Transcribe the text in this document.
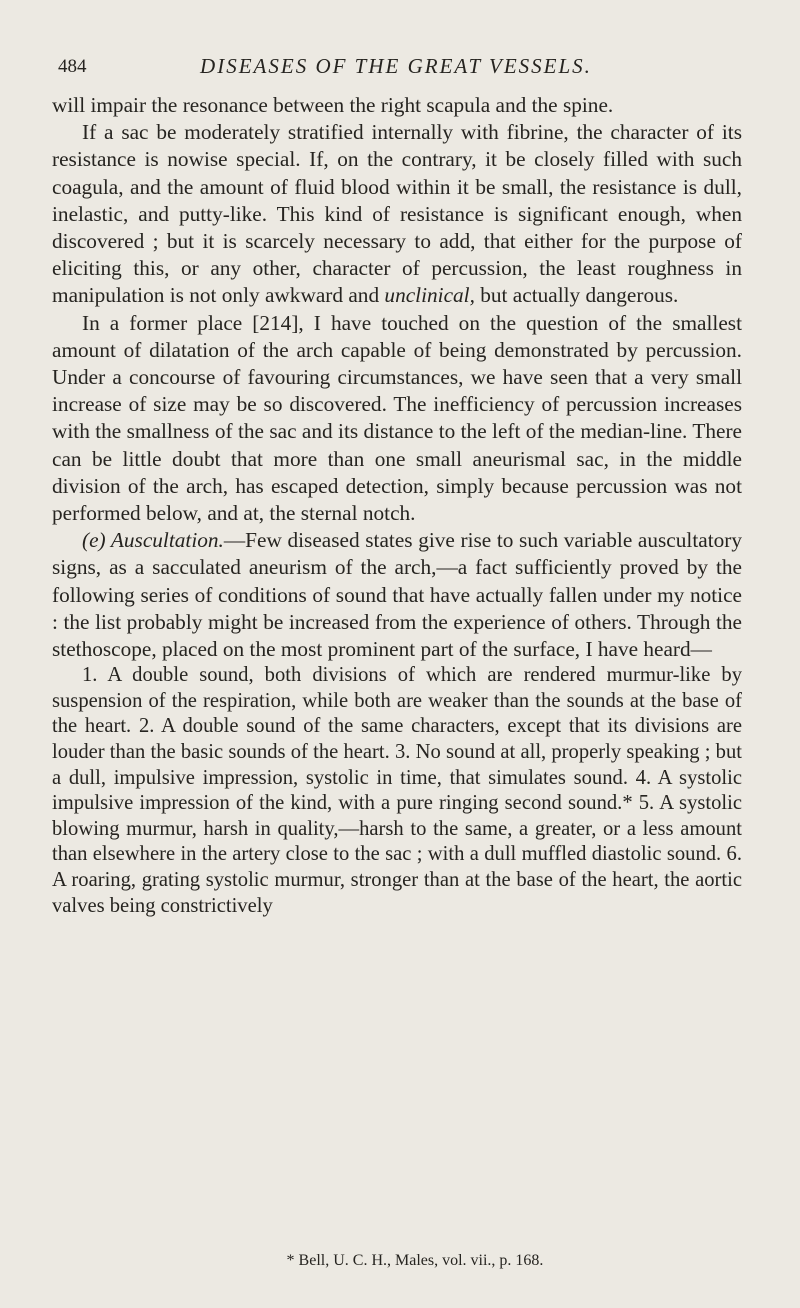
484	DISEASES OF THE GREAT VESSELS.

will impair the resonance between the right scapula and the spine.

If a sac be moderately stratified internally with fibrine, the character of its resistance is nowise special. If, on the contrary, it be closely filled with such coagula, and the amount of fluid blood within it be small, the resistance is dull, inelastic, and putty-like. This kind of resistance is significant enough, when discovered ; but it is scarcely necessary to add, that either for the purpose of eliciting this, or any other, character of percussion, the least roughness in manipulation is not only awkward and unclinical, but actually dangerous.

In a former place [214], I have touched on the question of the smallest amount of dilatation of the arch capable of being demonstrated by percussion. Under a concourse of favouring circumstances, we have seen that a very small increase of size may be so discovered. The inefficiency of percussion increases with the smallness of the sac and its distance to the left of the median-line. There can be little doubt that more than one small aneurismal sac, in the middle division of the arch, has escaped detection, simply because percussion was not performed below, and at, the sternal notch.

(e) Auscultation.—Few diseased states give rise to such variable auscultatory signs, as a sacculated aneurism of the arch,—a fact sufficiently proved by the following series of conditions of sound that have actually fallen under my notice : the list probably might be increased from the experience of others. Through the stethoscope, placed on the most prominent part of the surface, I have heard—

1. A double sound, both divisions of which are rendered murmur-like by suspension of the respiration, while both are weaker than the sounds at the base of the heart. 2. A double sound of the same characters, except that its divisions are louder than the basic sounds of the heart. 3. No sound at all, properly speaking ; but a dull, impulsive impression, systolic in time, that simulates sound. 4. A systolic impulsive impression of the kind, with a pure ringing second sound.* 5. A systolic blowing murmur, harsh in quality,—harsh to the same, a greater, or a less amount than elsewhere in the artery close to the sac ; with a dull muffled diastolic sound. 6. A roaring, grating systolic murmur, stronger than at the base of the heart, the aortic valves being constrictively

* Bell, U. C. H., Males, vol. vii., p. 168.
